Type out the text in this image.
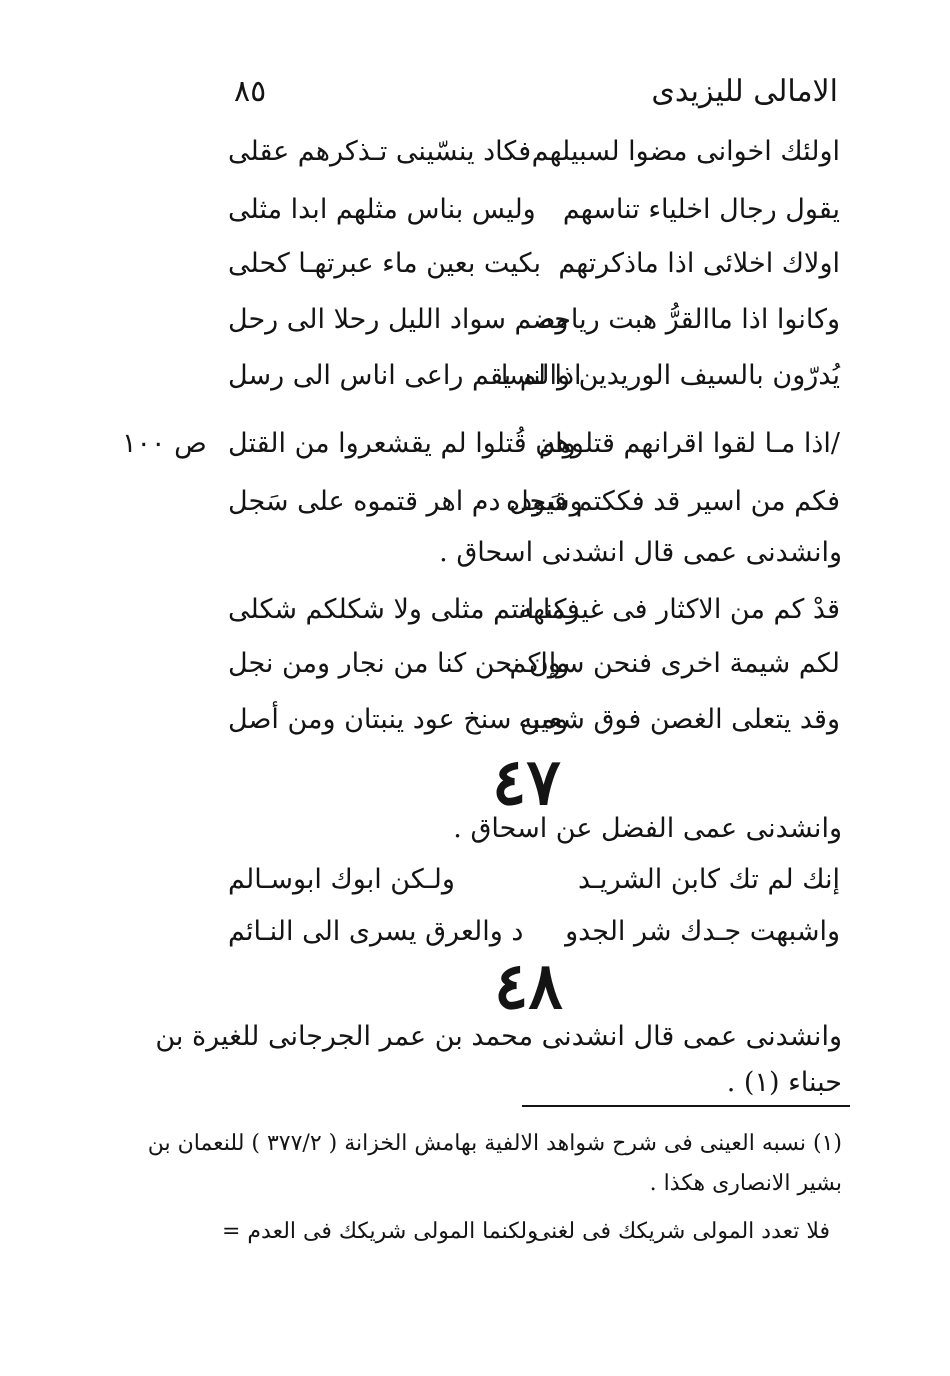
الامالى لليزيدى
٨٥
اولئك اخوانى مضوا لسبيلهم
فكاد ينسّينى تـذكرهم عقلى
يقول رجال اخلياء تناسهم
وليس بناس مثلهم ابدا مثلى
اولاك اخلائى اذا ماذكرتهم
بكيت بعين ماء عبرتهـا كحلى
وكانوا اذا ماالقرُّ هبت رياحه
وضم سواد الليل رحلا الى رحل
يُدرّون بالسيف الوريدين والنسا
اذا لم يقم راعى اناس الى رسل
/اذا مـا لقوا اقرانهم قتلوهم
وان قُتلوا لم يقشعروا من القتل
ص ١٠٠
فكم من اسير قد فككتم قيوده
وسَجل دم اهر قتموه على سَجل
وانشدنى عمى قال انشدنى اسحاق .
قدْ كم من الاكثار فى غيركنهه
فما انتم مثلى ولا شكلكم شكلى
لكم شيمة اخرى فنحن سواكم
وإن نحن كنا من نجار ومن نجل
وقد يتعلى الغصن فوق شعيبه
ومن سنخ عود ينبتان ومن أصل
٤٧
وانشدنى عمى الفضل عن اسحاق .
إنك لم تك كابن الشريـد
ولـكن ابوك ابوسـالم
واشبهت جـدك شر الجدو
د والعرق يسرى الى النـائم
٤٨
وانشدنى عمى قال انشدنى محمد بن عمر الجرجانى للغيرة بن
حبناء (١) .
(١) نسبه العينى فى شرح شواهد الالفية بهامش الخزانة ( ٣٧٧/٢ ) للنعمان بن
بشير الانصارى هكذا .
فلا تعدد المولى شريكك فى لغنى
ولكنما المولى شريكك فى العدم =
